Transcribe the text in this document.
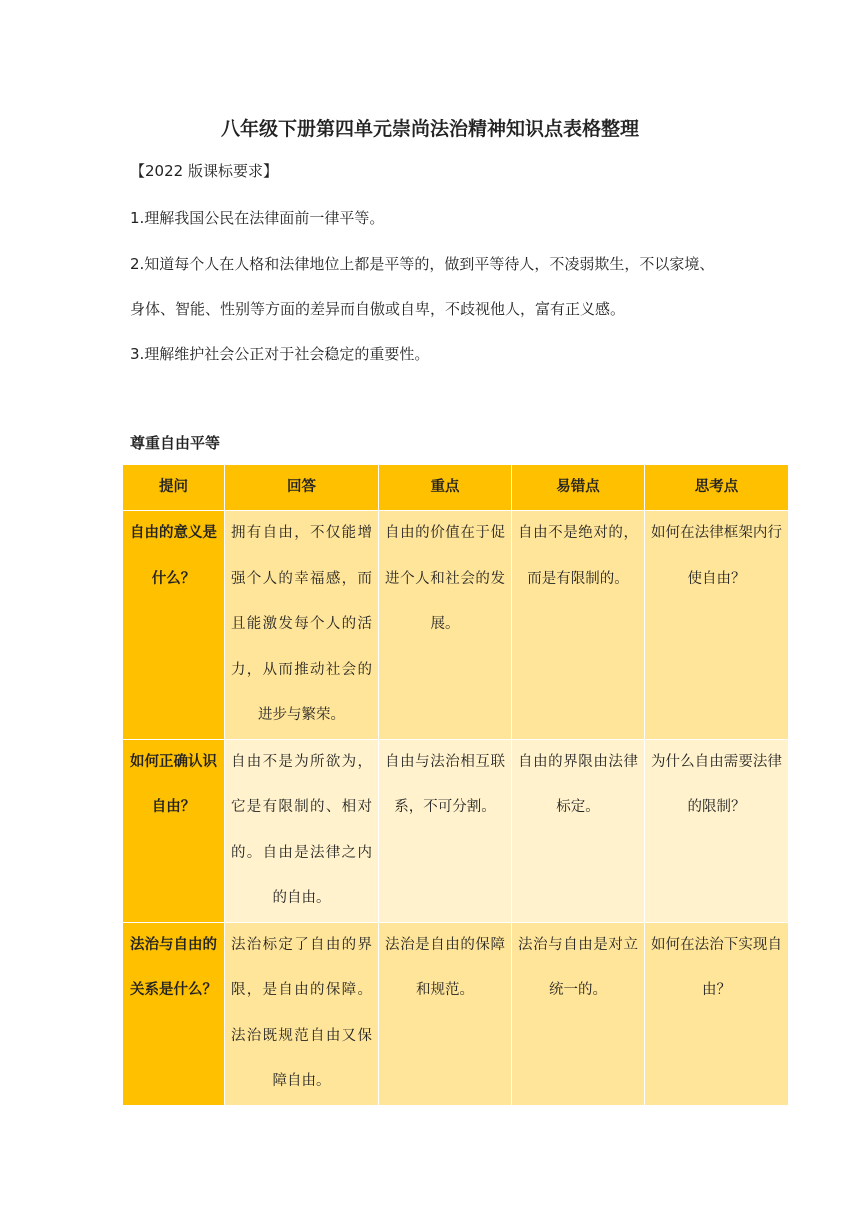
八年级下册第四单元崇尚法治精神知识点表格整理
【2022 版课标要求】
1.理解我国公民在法律面前一律平等。
2.知道每个人在人格和法律地位上都是平等的，做到平等待人，不凌弱欺生，不以家境、
身体、智能、性别等方面的差异而自傲或自卑，不歧视他人，富有正义感。
3.理解维护社会公正对于社会稳定的重要性。
尊重自由平等
提问	回答	重点	易错点	思考点
自由的意义是什么？	拥有自由，不仅能增强个人的幸福感，而且能激发每个人的活力，从而推动社会的进步与繁荣。	自由的价值在于促进个人和社会的发展。	自由不是绝对的，而是有限制的。	如何在法律框架内行使自由？
如何正确认识自由？	自由不是为所欲为，它是有限制的、相对的。自由是法律之内的自由。	自由与法治相互联系，不可分割。	自由的界限由法律标定。	为什么自由需要法律的限制？
法治与自由的关系是什么？	法治标定了自由的界限，是自由的保障。法治既规范自由又保障自由。	法治是自由的保障和规范。	法治与自由是对立统一的。	如何在法治下实现自由？
